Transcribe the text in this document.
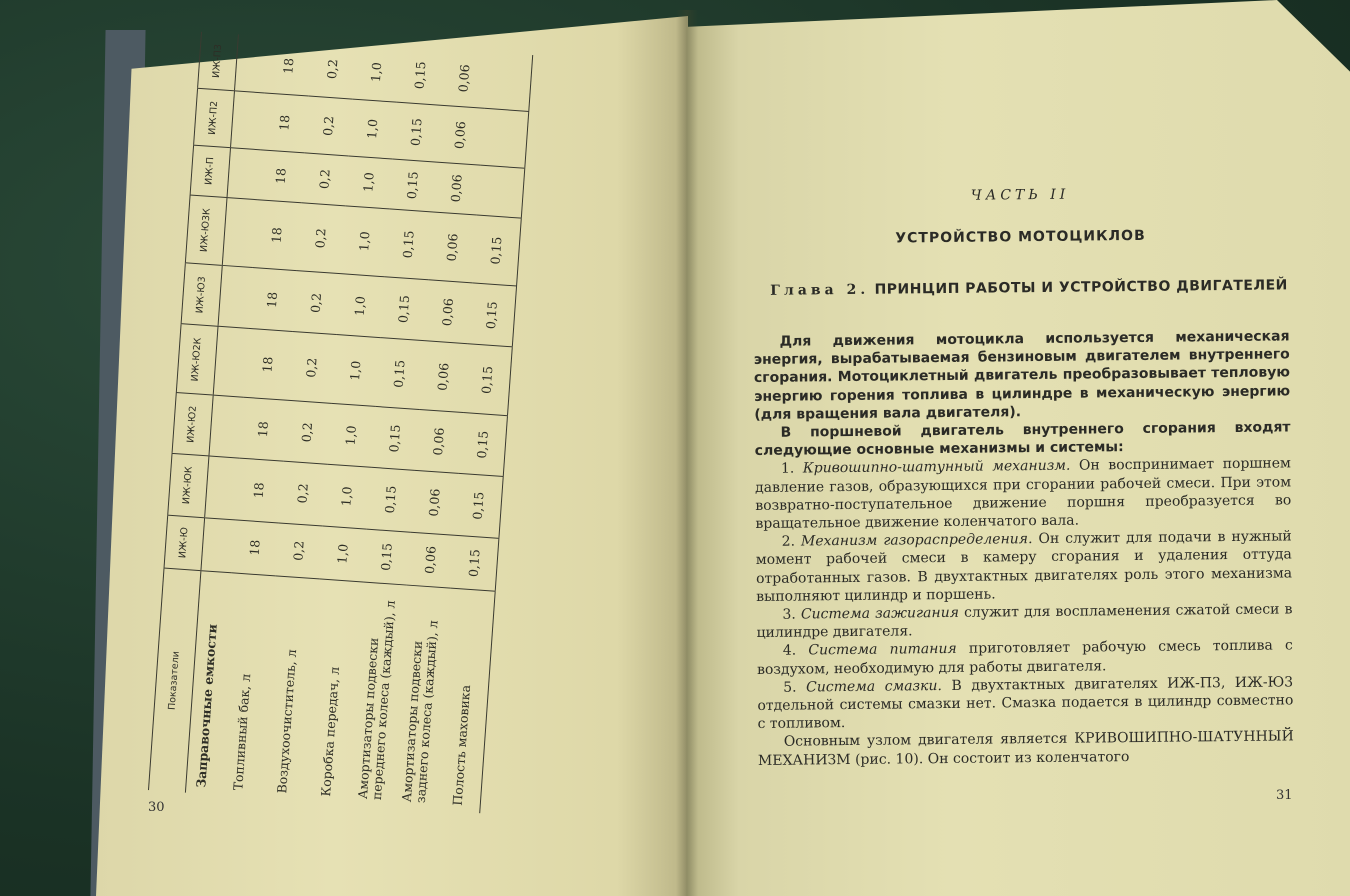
Показатели	ИЖ-Ю	ИЖ-ЮК	ИЖ-Ю2	ИЖ-Ю2К	ИЖ-Ю3	ИЖ-Ю3К	ИЖ-П	ИЖ-П2	ИЖ-П3
Заправочные емкости									
Топливный бак, л	18	18	18	18	18	18	18	18	18
Воздухоочиститель, л	0,2	0,2	0,2	0,2	0,2	0,2	0,2	0,2	0,2
Коробка передач, л	1,0	1,0	1,0	1,0	1,0	1,0	1,0	1,0	1,0
Амортизаторы подвески переднего колеса (каждый), л	0,15	0,15	0,15	0,15	0,15	0,15	0,15	0,15	0,15
Амортизаторы подвески заднего колеса (каждый), л	0,06	0,06	0,06	0,06	0,06	0,06	0,06	0,06	0,06
Полость маховика	0,15	0,15	0,15	0,15	0,15	0,15			
30

ЧАСТЬ II

УСТРОЙСТВО МОТОЦИКЛОВ

Глава 2. ПРИНЦИП РАБОТЫ И УСТРОЙСТВО ДВИГАТЕЛЕЙ

Для движения мотоцикла используется механическая энергия, вырабатываемая бензиновым двигателем внутреннего сгорания. Мотоциклетный двигатель преобразовывает тепловую энергию горения топлива в цилиндре в механическую энергию (для вращения вала двигателя).

В поршневой двигатель внутреннего сгорания входят следующие основные механизмы и системы:

1. Кривошипно-шатунный механизм. Он воспринимает поршнем давление газов, образующихся при сгорании рабочей смеси. При этом возвратно-поступательное движение поршня преобразуется во вращательное движение коленчатого вала.

2. Механизм газораспределения. Он служит для подачи в нужный момент рабочей смеси в камеру сгорания и удаления оттуда отработанных газов. В двухтактных двигателях роль этого механизма выполняют цилиндр и поршень.

3. Система зажигания служит для воспламенения сжатой смеси в цилиндре двигателя.

4. Система питания приготовляет рабочую смесь топлива с воздухом, необходимую для работы двигателя.

5. Система смазки. В двухтактных двигателях ИЖ-П3, ИЖ-Ю3 отдельной системы смазки нет. Смазка подается в цилиндр совместно с топливом.

Основным узлом двигателя является КРИВОШИПНО-ШАТУННЫЙ МЕХАНИЗМ (рис. 10). Он состоит из коленчатого

31
